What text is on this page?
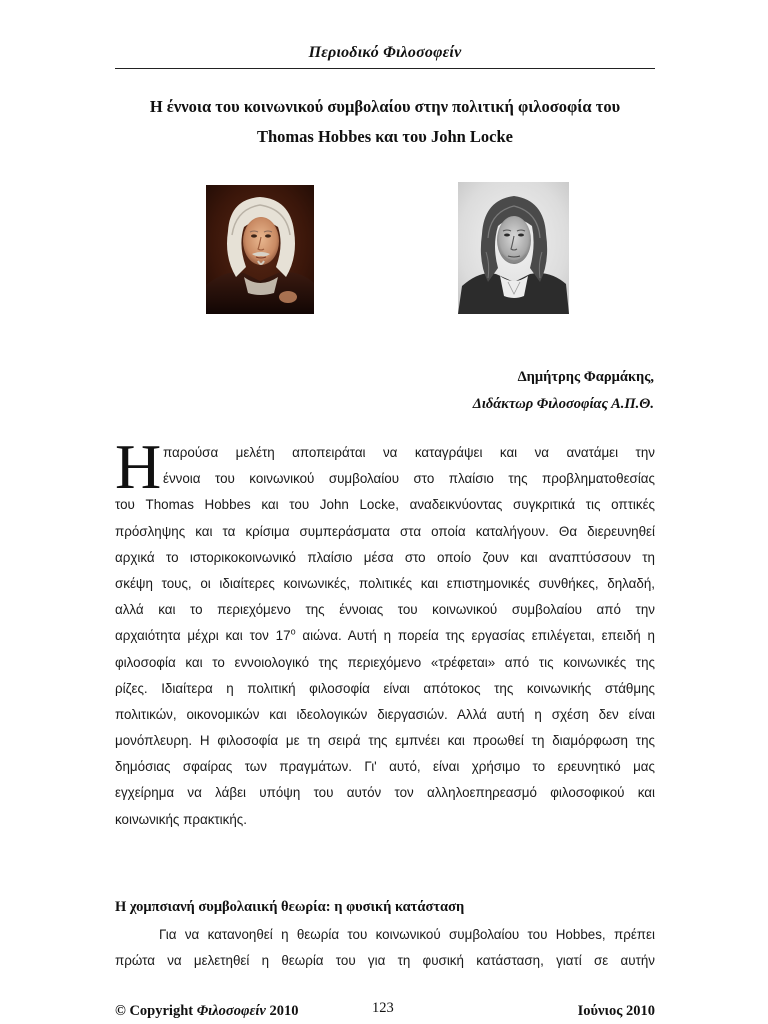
Περιοδικό Φιλοσοφείν
Η έννοια του κοινωνικού συμβολαίου στην πολιτική φιλοσοφία του
Thomas Hobbes και του John Locke
Δημήτρης Φαρμάκης,
Διδάκτωρ Φιλοσοφίας Α.Π.Θ.
Η παρούσα μελέτη αποπειράται να καταγράψει και να ανατάμει την
έννοια του κοινωνικού συμβολαίου στο πλαίσιο της προβληματοθεσίας
του Thomas Hobbes και του John Locke, αναδεικνύοντας συγκριτικά τις οπτικές
πρόσληψης και τα κρίσιμα συμπεράσματα στα οποία καταλήγουν. Θα διερευνηθεί
αρχικά το ιστορικοκοινωνικό πλαίσιο μέσα στο οποίο ζουν και αναπτύσσουν τη
σκέψη τους, οι ιδιαίτερες κοινωνικές, πολιτικές και επιστημονικές συνθήκες, δηλαδή,
αλλά και το περιεχόμενο της έννοιας του κοινωνικού συμβολαίου από την
αρχαιότητα μέχρι και τον $17^o$ αιώνα. Αυτή η πορεία της εργασίας επιλέγεται, επειδή η
φιλοσοφία και το εννοιολογικό της περιεχόμενο «τρέφεται» από τις κοινωνικές της
ρίζες. Ιδιαίτερα η πολιτική φιλοσοφία είναι απότοκος της κοινωνικής στάθμης
πολιτικών, οικονομικών και ιδεολογικών διεργασιών. Αλλά αυτή η σχέση δεν είναι
μονόπλευρη. Η φιλοσοφία με τη σειρά της εμπνέει και προωθεί τη διαμόρφωση της
δημόσιας σφαίρας των πραγμάτων. Γι' αυτό, είναι χρήσιμο το ερευνητικό μας
εγχείρημα να λάβει υπόψη του αυτόν τον αλληλοεπηρεασμό φιλοσοφικού και
κοινωνικής πρακτικής.
Η χομπσιανή συμβολαιική θεωρία: η φυσική κατάσταση
Για να κατανοηθεί η θεωρία του κοινωνικού συμβολαίου του Hobbes, πρέπει
πρώτα να μελετηθεί η θεωρία του για τη φυσική κατάσταση, γιατί σε αυτήν
© Copyright Φιλοσοφείν 2010	123	Ιούνιος 2010
